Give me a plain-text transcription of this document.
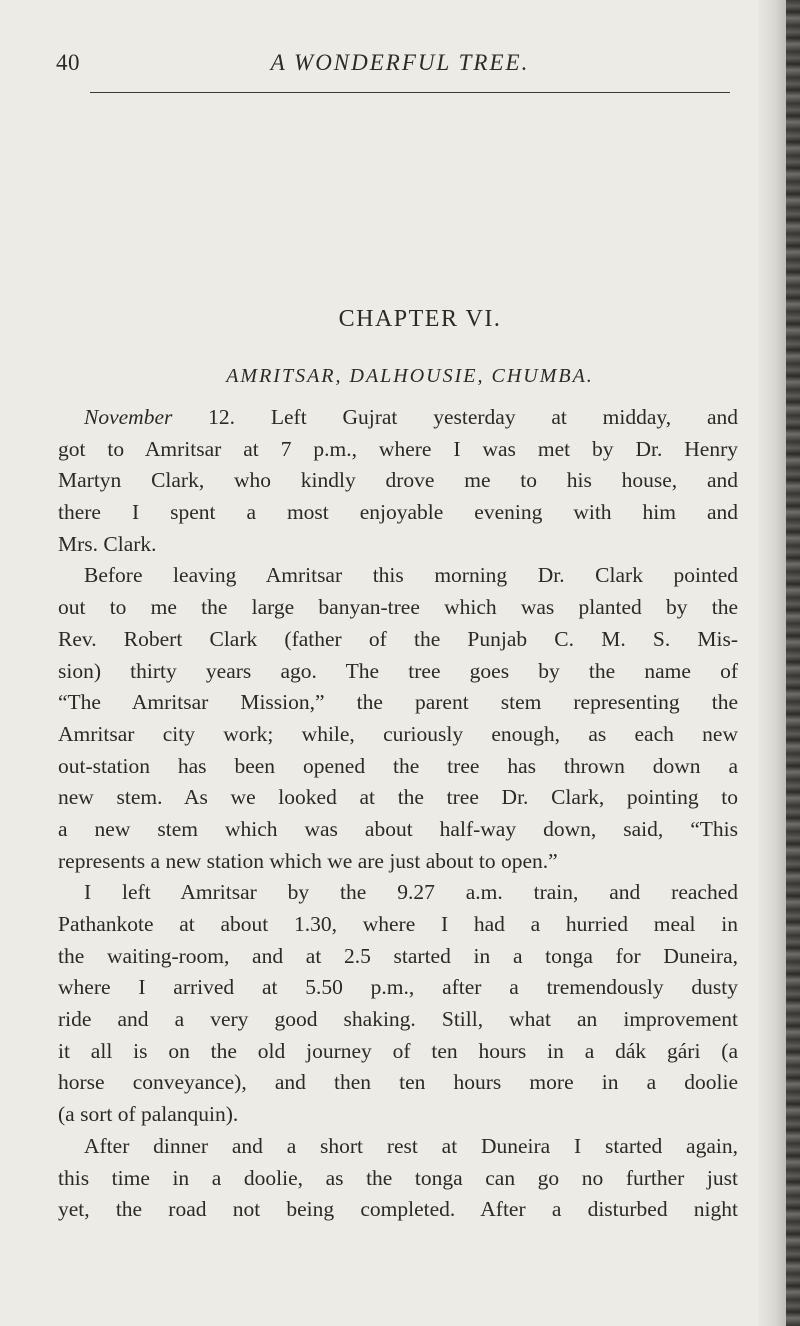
40	A WONDERFUL TREE.

CHAPTER VI.
AMRITSAR, DALHOUSIE, CHUMBA.
November 12. Left Gujrat yesterday at midday, and
got to Amritsar at 7 p.m., where I was met by Dr. Henry
Martyn Clark, who kindly drove me to his house, and
there I spent a most enjoyable evening with him and
Mrs. Clark.
Before leaving Amritsar this morning Dr. Clark pointed
out to me the large banyan-tree which was planted by the
Rev. Robert Clark (father of the Punjab C. M. S. Mis-
sion) thirty years ago. The tree goes by the name of
“The Amritsar Mission,” the parent stem representing the
Amritsar city work; while, curiously enough, as each new
out-station has been opened the tree has thrown down a
new stem. As we looked at the tree Dr. Clark, pointing to
a new stem which was about half-way down, said, “This
represents a new station which we are just about to open.”
I left Amritsar by the 9.27 a.m. train, and reached
Pathankote at about 1.30, where I had a hurried meal in
the waiting-room, and at 2.5 started in a tonga for Duneira,
where I arrived at 5.50 p.m., after a tremendously dusty
ride and a very good shaking. Still, what an improvement
it all is on the old journey of ten hours in a dák gári (a
horse conveyance), and then ten hours more in a doolie
(a sort of palanquin).
After dinner and a short rest at Duneira I started again,
this time in a doolie, as the tonga can go no further just
yet, the road not being completed. After a disturbed night
